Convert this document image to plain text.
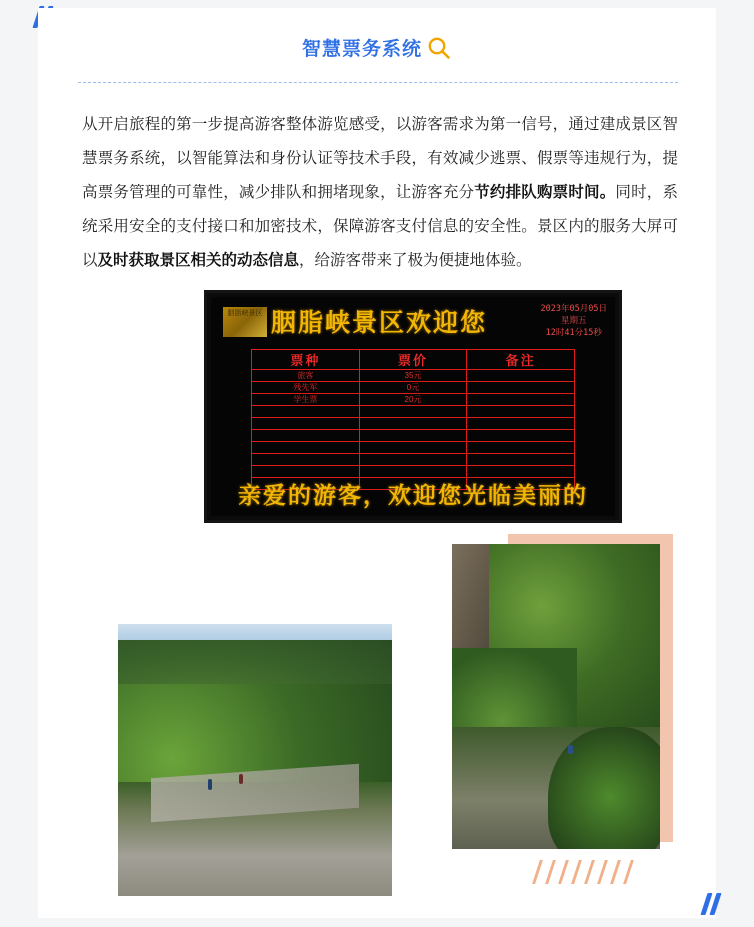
智慧票务系统
从开启旅程的第一步提高游客整体游览感受，以游客需求为第一信号，通过建成景区智慧票务系统，以智能算法和身份认证等技术手段，有效减少逃票、假票等违规行为，提高票务管理的可靠性，减少排队和拥堵现象，让游客充分节约排队购票时间。同时，系统采用安全的支付接口和加密技术，保障游客支付信息的安全性。景区内的服务大屏可以及时获取景区相关的动态信息，给游客带来了极为便捷地体验。
胭脂峡景区 胭脂峡景区欢迎您	2023年05月05日
星期五
12时41分15秒
票种	票价	备注
旅客	35元	
残先军	0元	
学生票	20元	

亲爱的游客，欢迎您光临美丽的
